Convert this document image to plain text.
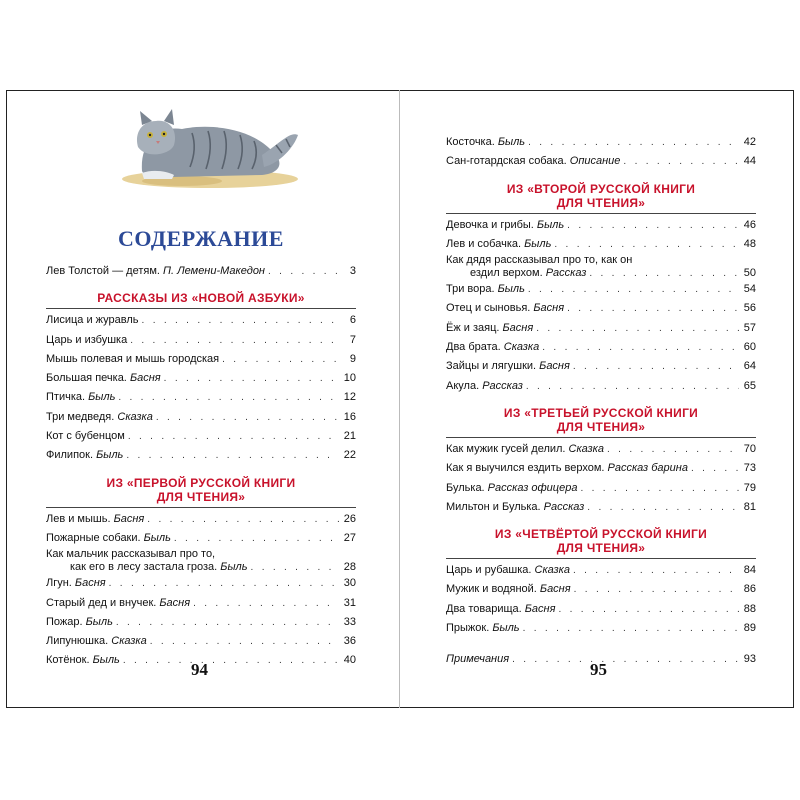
СОДЕРЖАНИЕ
Лев Толстой — детям. П. Лемени-Македон . . .	3
РАССКАЗЫ ИЗ «НОВОЙ АЗБУКИ»
Лисица и журавль . . .	6
Царь и избушка . . .	7
Мышь полевая и мышь городская . . .	9
Большая печка. Басня . . .	10
Птичка. Быль . . .	12
Три медведя. Сказка . . .	16
Кот с бубенцом . . .	21
Филипок. Быль . . .	22
ИЗ «ПЕРВОЙ РУССКОЙ КНИГИ
ДЛЯ ЧТЕНИЯ»
Лев и мышь. Басня . . .	26
Пожарные собаки. Быль . . .	27
Как мальчик рассказывал про то,
как его в лесу застала гроза. Быль . . .	28
Лгун. Басня . . .	30
Старый дед и внучек. Басня . . .	31
Пожар. Быль . . .	33
Липунюшка. Сказка . . .	36
Котёнок. Быль . . .	40
94
Косточка. Быль . . .	42
Сан-готардская собака. Описание . . .	44
ИЗ «ВТОРОЙ РУССКОЙ КНИГИ
ДЛЯ ЧТЕНИЯ»
Девочка и грибы. Быль . . .	46
Лев и собачка. Быль . . .	48
Как дядя рассказывал про то, как он
ездил верхом. Рассказ . . .	50
Три вора. Быль . . .	54
Отец и сыновья. Басня . . .	56
Ёж и заяц. Басня . . .	57
Два брата. Сказка . . .	60
Зайцы и лягушки. Басня . . .	64
Акула. Рассказ . . .	65
ИЗ «ТРЕТЬЕЙ РУССКОЙ КНИГИ
ДЛЯ ЧТЕНИЯ»
Как мужик гусей делил. Сказка . . .	70
Как я выучился ездить верхом. Рассказ барина . . .	73
Булька. Рассказ офицера . . .	79
Мильтон и Булька. Рассказ . . .	81
ИЗ «ЧЕТВЁРТОЙ РУССКОЙ КНИГИ
ДЛЯ ЧТЕНИЯ»
Царь и рубашка. Сказка . . .	84
Мужик и водяной. Басня . . .	86
Два товарища. Басня . . .	88
Прыжок. Быль . . .	89
Примечания . . .	93
95
